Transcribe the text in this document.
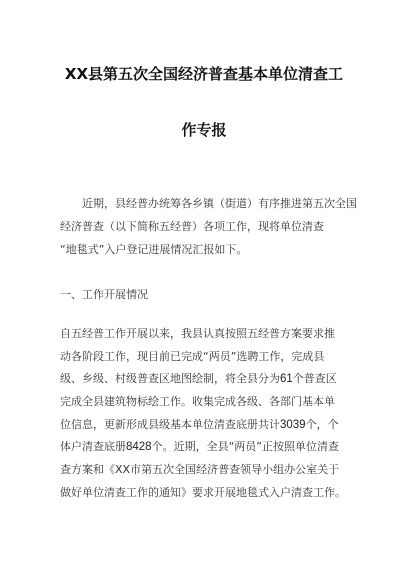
XX县第五次全国经济普查基本单位清查工
作专报
近期，县经普办统筹各乡镇（街道）有序推进第五次全国
经济普查（以下简称五经普）各项工作，现将单位清查
“地毯式”入户登记进展情况汇报如下。
一、工作开展情况
自五经普工作开展以来，我县认真按照五经普方案要求推
动各阶段工作，现目前已完成“两员”选聘工作，完成县
级、乡级、村级普查区地图绘制，将全县分为61个普查区
完成全县建筑物标绘工作。收集完成各级、各部门基本单
位信息，更新形成县级基本单位清查底册共计3039个，个
体户清查底册8428个。近期，全县“两员”正按照单位清查
查方案和《XX市第五次全国经济普查领导小组办公室关于
做好单位清查工作的通知》要求开展地毯式入户清查工作。
